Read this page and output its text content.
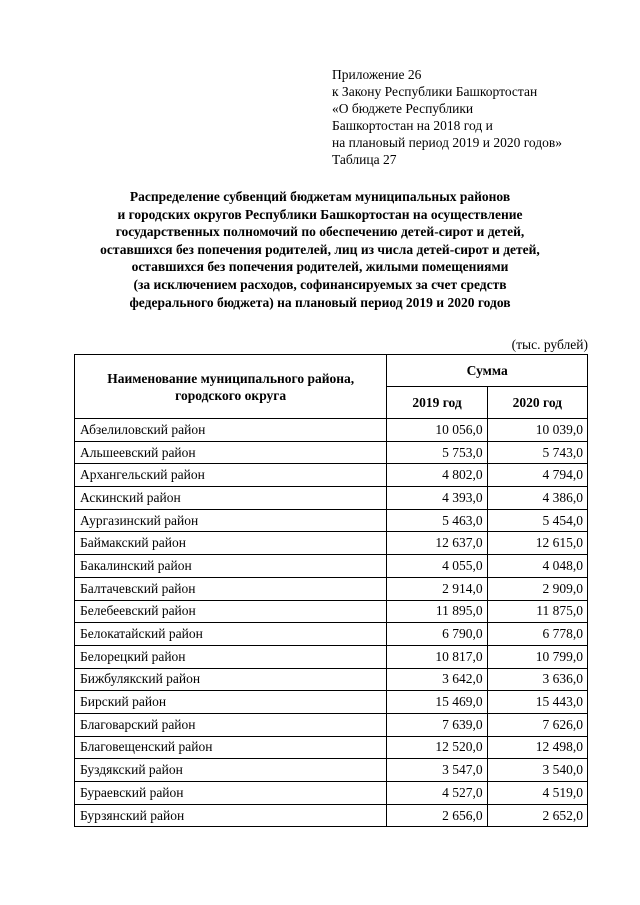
Приложение 26
к Закону Республики Башкортостан
«О бюджете Республики
Башкортостан на 2018 год и
на плановый период 2019 и 2020 годов»
Таблица 27
Распределение субвенций бюджетам муниципальных районов
и городских округов Республики Башкортостан на осуществление
государственных полномочий по обеспечению детей-сирот и детей,
оставшихся без попечения родителей, лиц из числа детей-сирот и детей,
оставшихся без попечения родителей, жилыми помещениями
(за исключением расходов, софинансируемых за счет средств
федерального бюджета) на плановый период 2019 и 2020 годов
(тыс. рублей)
Наименование муниципального района, городского округа	Сумма	
	2019 год	2020 год
Абзелиловский район	10 056,0	10 039,0
Альшеевский район	5 753,0	5 743,0
Архангельский район	4 802,0	4 794,0
Аскинский район	4 393,0	4 386,0
Аургазинский район	5 463,0	5 454,0
Баймакский район	12 637,0	12 615,0
Бакалинский район	4 055,0	4 048,0
Балтачевский район	2 914,0	2 909,0
Белебеевский район	11 895,0	11 875,0
Белокатайский район	6 790,0	6 778,0
Белорецкий район	10 817,0	10 799,0
Бижбулякский район	3 642,0	3 636,0
Бирский район	15 469,0	15 443,0
Благоварский район	7 639,0	7 626,0
Благовещенский район	12 520,0	12 498,0
Буздякский район	3 547,0	3 540,0
Бураевский район	4 527,0	4 519,0
Бурзянский район	2 656,0	2 652,0
